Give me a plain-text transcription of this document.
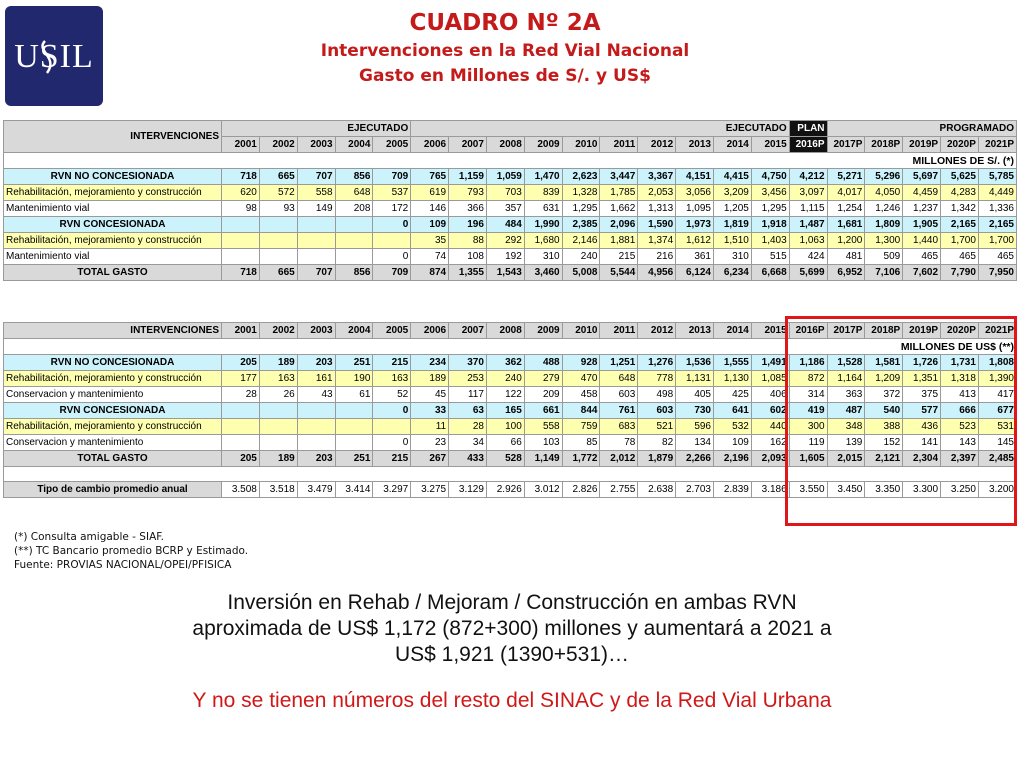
USIL
CUADRO Nº 2A
Intervenciones en la Red Vial Nacional
Gasto en Millones de S/. y US$
INTERVENCIONES	EJECUTADO					EJECUTADO										PLAN	PROGRAMADO				
	2001	2002	2003	2004	2005	2006	2007	2008	2009	2010	2011	2012	2013	2014	2015	2016P	2017P	2018P	2019P	2020P	2021P
MILLONES DE S/. (*)																					
RVN NO CONCESIONADA	718	665	707	856	709	765	1,159	1,059	1,470	2,623	3,447	3,367	4,151	4,415	4,750	4,212	5,271	5,296	5,697	5,625	5,785
Rehabilitación, mejoramiento y construcción	620	572	558	648	537	619	793	703	839	1,328	1,785	2,053	3,056	3,209	3,456	3,097	4,017	4,050	4,459	4,283	4,449
Mantenimiento vial	98	93	149	208	172	146	366	357	631	1,295	1,662	1,313	1,095	1,205	1,295	1,115	1,254	1,246	1,237	1,342	1,336
RVN CONCESIONADA					0	109	196	484	1,990	2,385	2,096	1,590	1,973	1,819	1,918	1,487	1,681	1,809	1,905	2,165	2,165
Rehabilitación, mejoramiento y construcción						35	88	292	1,680	2,146	1,881	1,374	1,612	1,510	1,403	1,063	1,200	1,300	1,440	1,700	1,700
Mantenimiento vial					0	74	108	192	310	240	215	216	361	310	515	424	481	509	465	465	465
TOTAL GASTO	718	665	707	856	709	874	1,355	1,543	3,460	5,008	5,544	4,956	6,124	6,234	6,668	5,699	6,952	7,106	7,602	7,790	7,950
INTERVENCIONES	2001	2002	2003	2004	2005	2006	2007	2008	2009	2010	2011	2012	2013	2014	2015	2016P	2017P	2018P	2019P	2020P	2021P
MILLONES DE US$ (**)																					
RVN NO CONCESIONADA	205	189	203	251	215	234	370	362	488	928	1,251	1,276	1,536	1,555	1,491	1,186	1,528	1,581	1,726	1,731	1,808
Rehabilitación, mejoramiento y construcción	177	163	161	190	163	189	253	240	279	470	648	778	1,131	1,130	1,085	872	1,164	1,209	1,351	1,318	1,390
Conservacion y mantenimiento	28	26	43	61	52	45	117	122	209	458	603	498	405	425	406	314	363	372	375	413	417
RVN CONCESIONADA					0	33	63	165	661	844	761	603	730	641	602	419	487	540	577	666	677
Rehabilitación, mejoramiento y construcción						11	28	100	558	759	683	521	596	532	440	300	348	388	436	523	531
Conservacion y mantenimiento					0	23	34	66	103	85	78	82	134	109	162	119	139	152	141	143	145
TOTAL GASTO	205	189	203	251	215	267	433	528	1,149	1,772	2,012	1,879	2,266	2,196	2,093	1,605	2,015	2,121	2,304	2,397	2,485

Tipo de cambio promedio anual	3.508	3.518	3.479	3.414	3.297	3.275	3.129	2.926	3.012	2.826	2.755	2.638	2.703	2.839	3.186	3.550	3.450	3.350	3.300	3.250	3.200
(*) Consulta amigable - SIAF.
(**) TC Bancario promedio BCRP y Estimado.
Fuente: PROVIAS NACIONAL/OPEI/PFISICA
Inversión en Rehab / Mejoram / Construcción en ambas RVN
aproximada de US$ 1,172 (872+300) millones y aumentará a 2021 a
US$ 1,921 (1390+531)…
Y no se tienen números del resto del SINAC y de la Red Vial Urbana
